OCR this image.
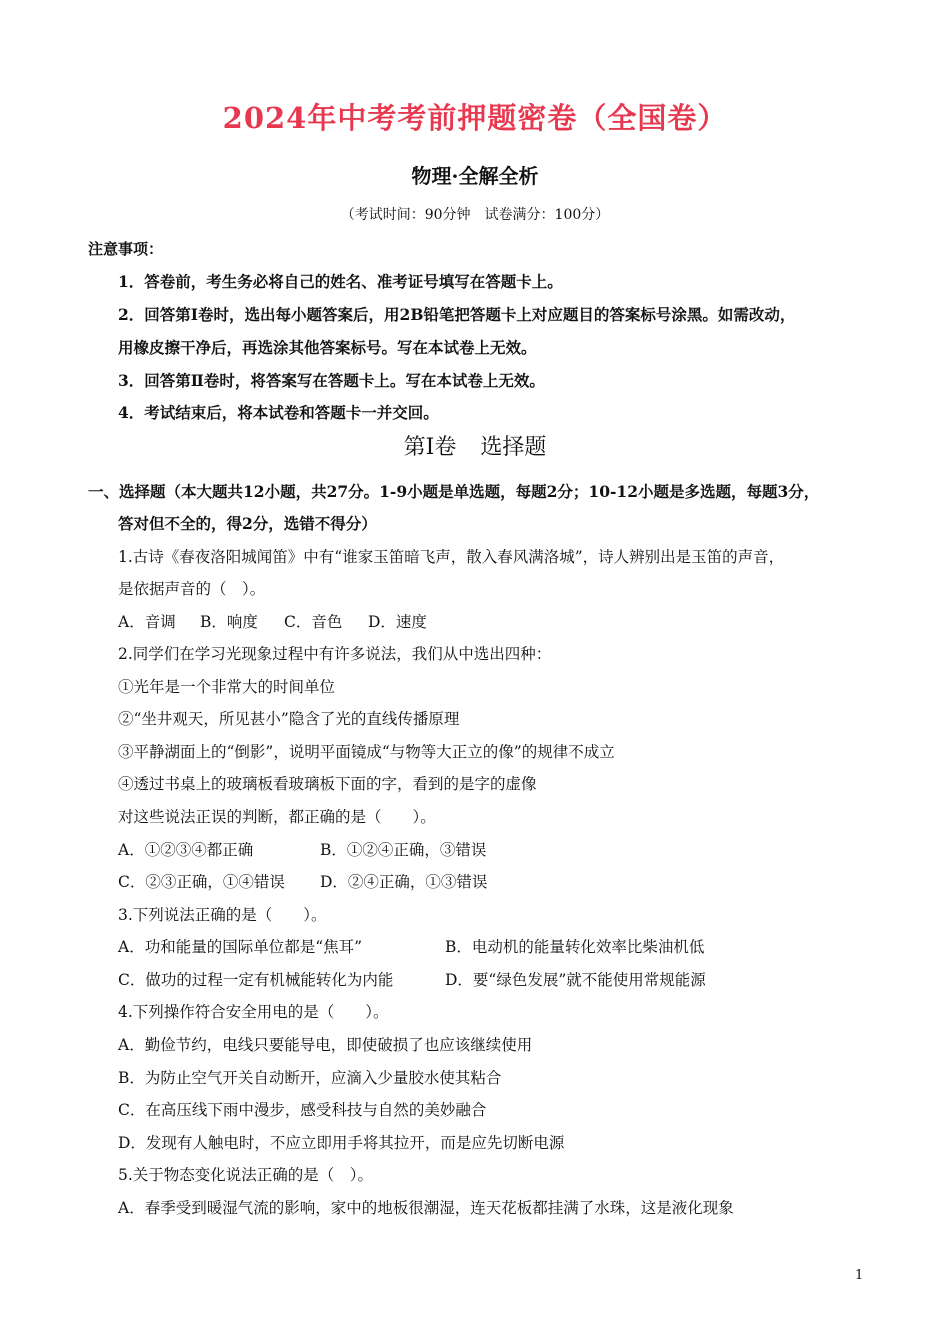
2024年中考考前押题密卷（全国卷）
物理·全解全析
（考试时间：90分钟　试卷满分：100分）
注意事项：
1．答卷前，考生务必将自己的姓名、准考证号填写在答题卡上。
2．回答第Ⅰ卷时，选出每小题答案后，用2B铅笔把答题卡上对应题目的答案标号涂黑。如需改动，
用橡皮擦干净后，再选涂其他答案标号。写在本试卷上无效。
3．回答第Ⅱ卷时，将答案写在答题卡上。写在本试卷上无效。
4．考试结束后，将本试卷和答题卡一并交回。
第Ⅰ卷 选择题
一、选择题（本大题共12小题，共27分。1-9小题是单选题，每题2分；10-12小题是多选题，每题3分，
答对但不全的，得2分，选错不得分）
1.古诗《春夜洛阳城闻笛》中有“谁家玉笛暗飞声，散入春风满洛城”，诗人辨别出是玉笛的声音，
是依据声音的（　）。
A．音调 B．响度 C．音色 D．速度
2.同学们在学习光现象过程中有许多说法，我们从中选出四种：
①光年是一个非常大的时间单位
②“坐井观天，所见甚小”隐含了光的直线传播原理
③平静湖面上的“倒影”，说明平面镜成“与物等大正立的像”的规律不成立
④透过书桌上的玻璃板看玻璃板下面的字，看到的是字的虚像
对这些说法正误的判断，都正确的是（　　）。
A．①②③④都正确	B．①②④正确，③错误
C．②③正确，①④错误 D．②④正确，①③错误
3.下列说法正确的是（　　）。
A．功和能量的国际单位都是“焦耳”	B．电动机的能量转化效率比柴油机低
C．做功的过程一定有机械能转化为内能	D．要“绿色发展”就不能使用常规能源
4.下列操作符合安全用电的是（　　）。
A．勤俭节约，电线只要能导电，即使破损了也应该继续使用
B．为防止空气开关自动断开，应滴入少量胶水使其粘合
C．在高压线下雨中漫步，感受科技与自然的美妙融合
D．发现有人触电时，不应立即用手将其拉开，而是应先切断电源
5.关于物态变化说法正确的是（　）。
A．春季受到暖湿气流的影响，家中的地板很潮湿，连天花板都挂满了水珠，这是液化现象
1
